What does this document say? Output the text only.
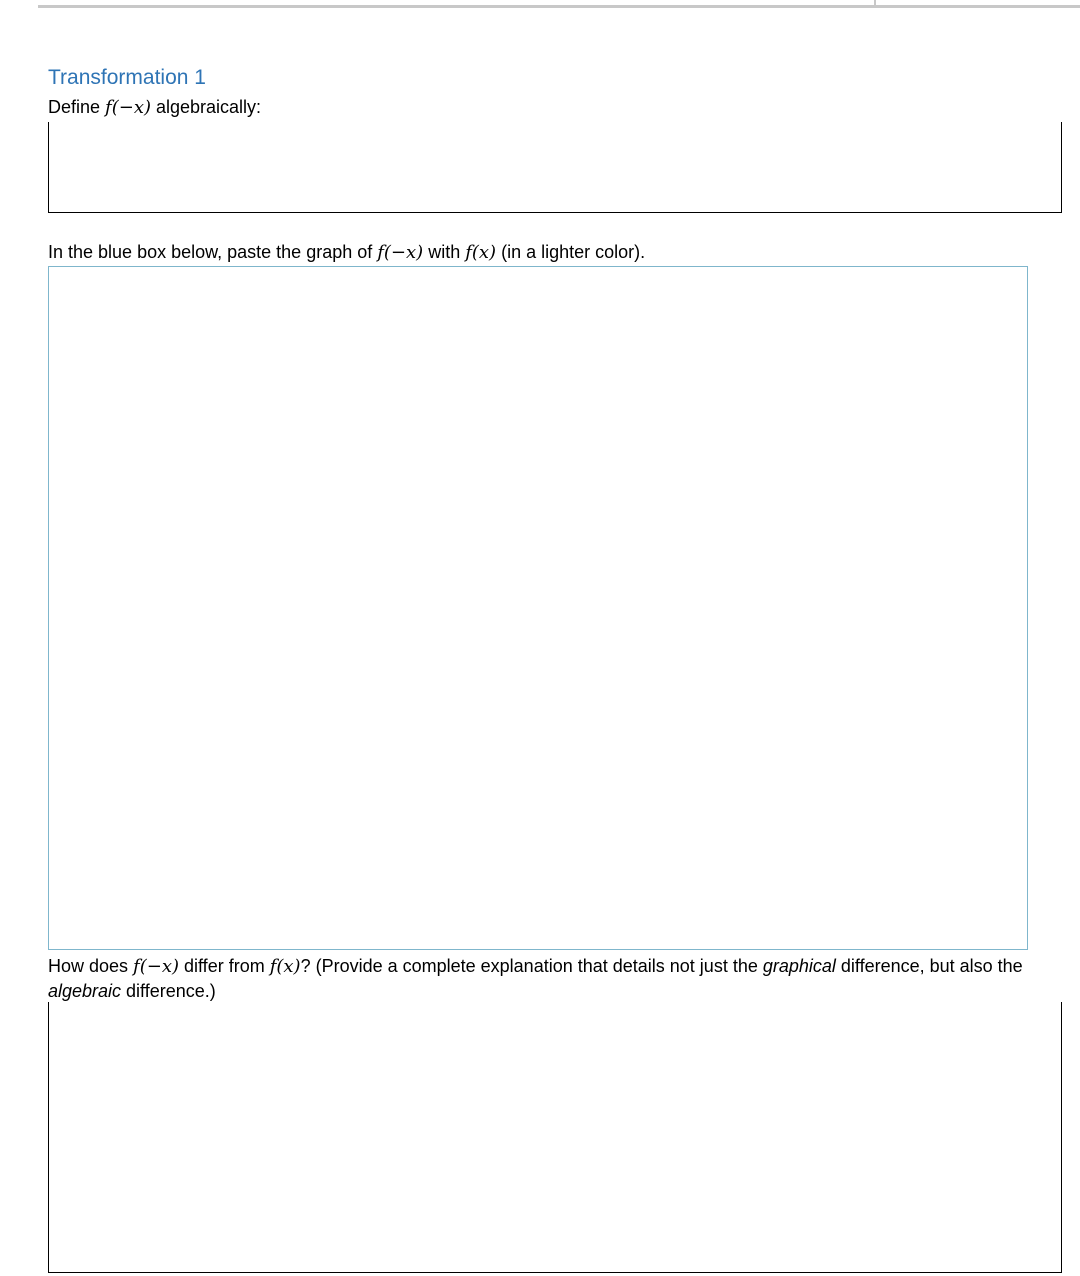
Transformation 1
Define f(−x) algebraically:
In the blue box below, paste the graph of f(−x) with f(x) (in a lighter color).
How does f(−x) differ from f(x)? (Provide a complete explanation that details not just the graphical difference, but also the algebraic difference.)
